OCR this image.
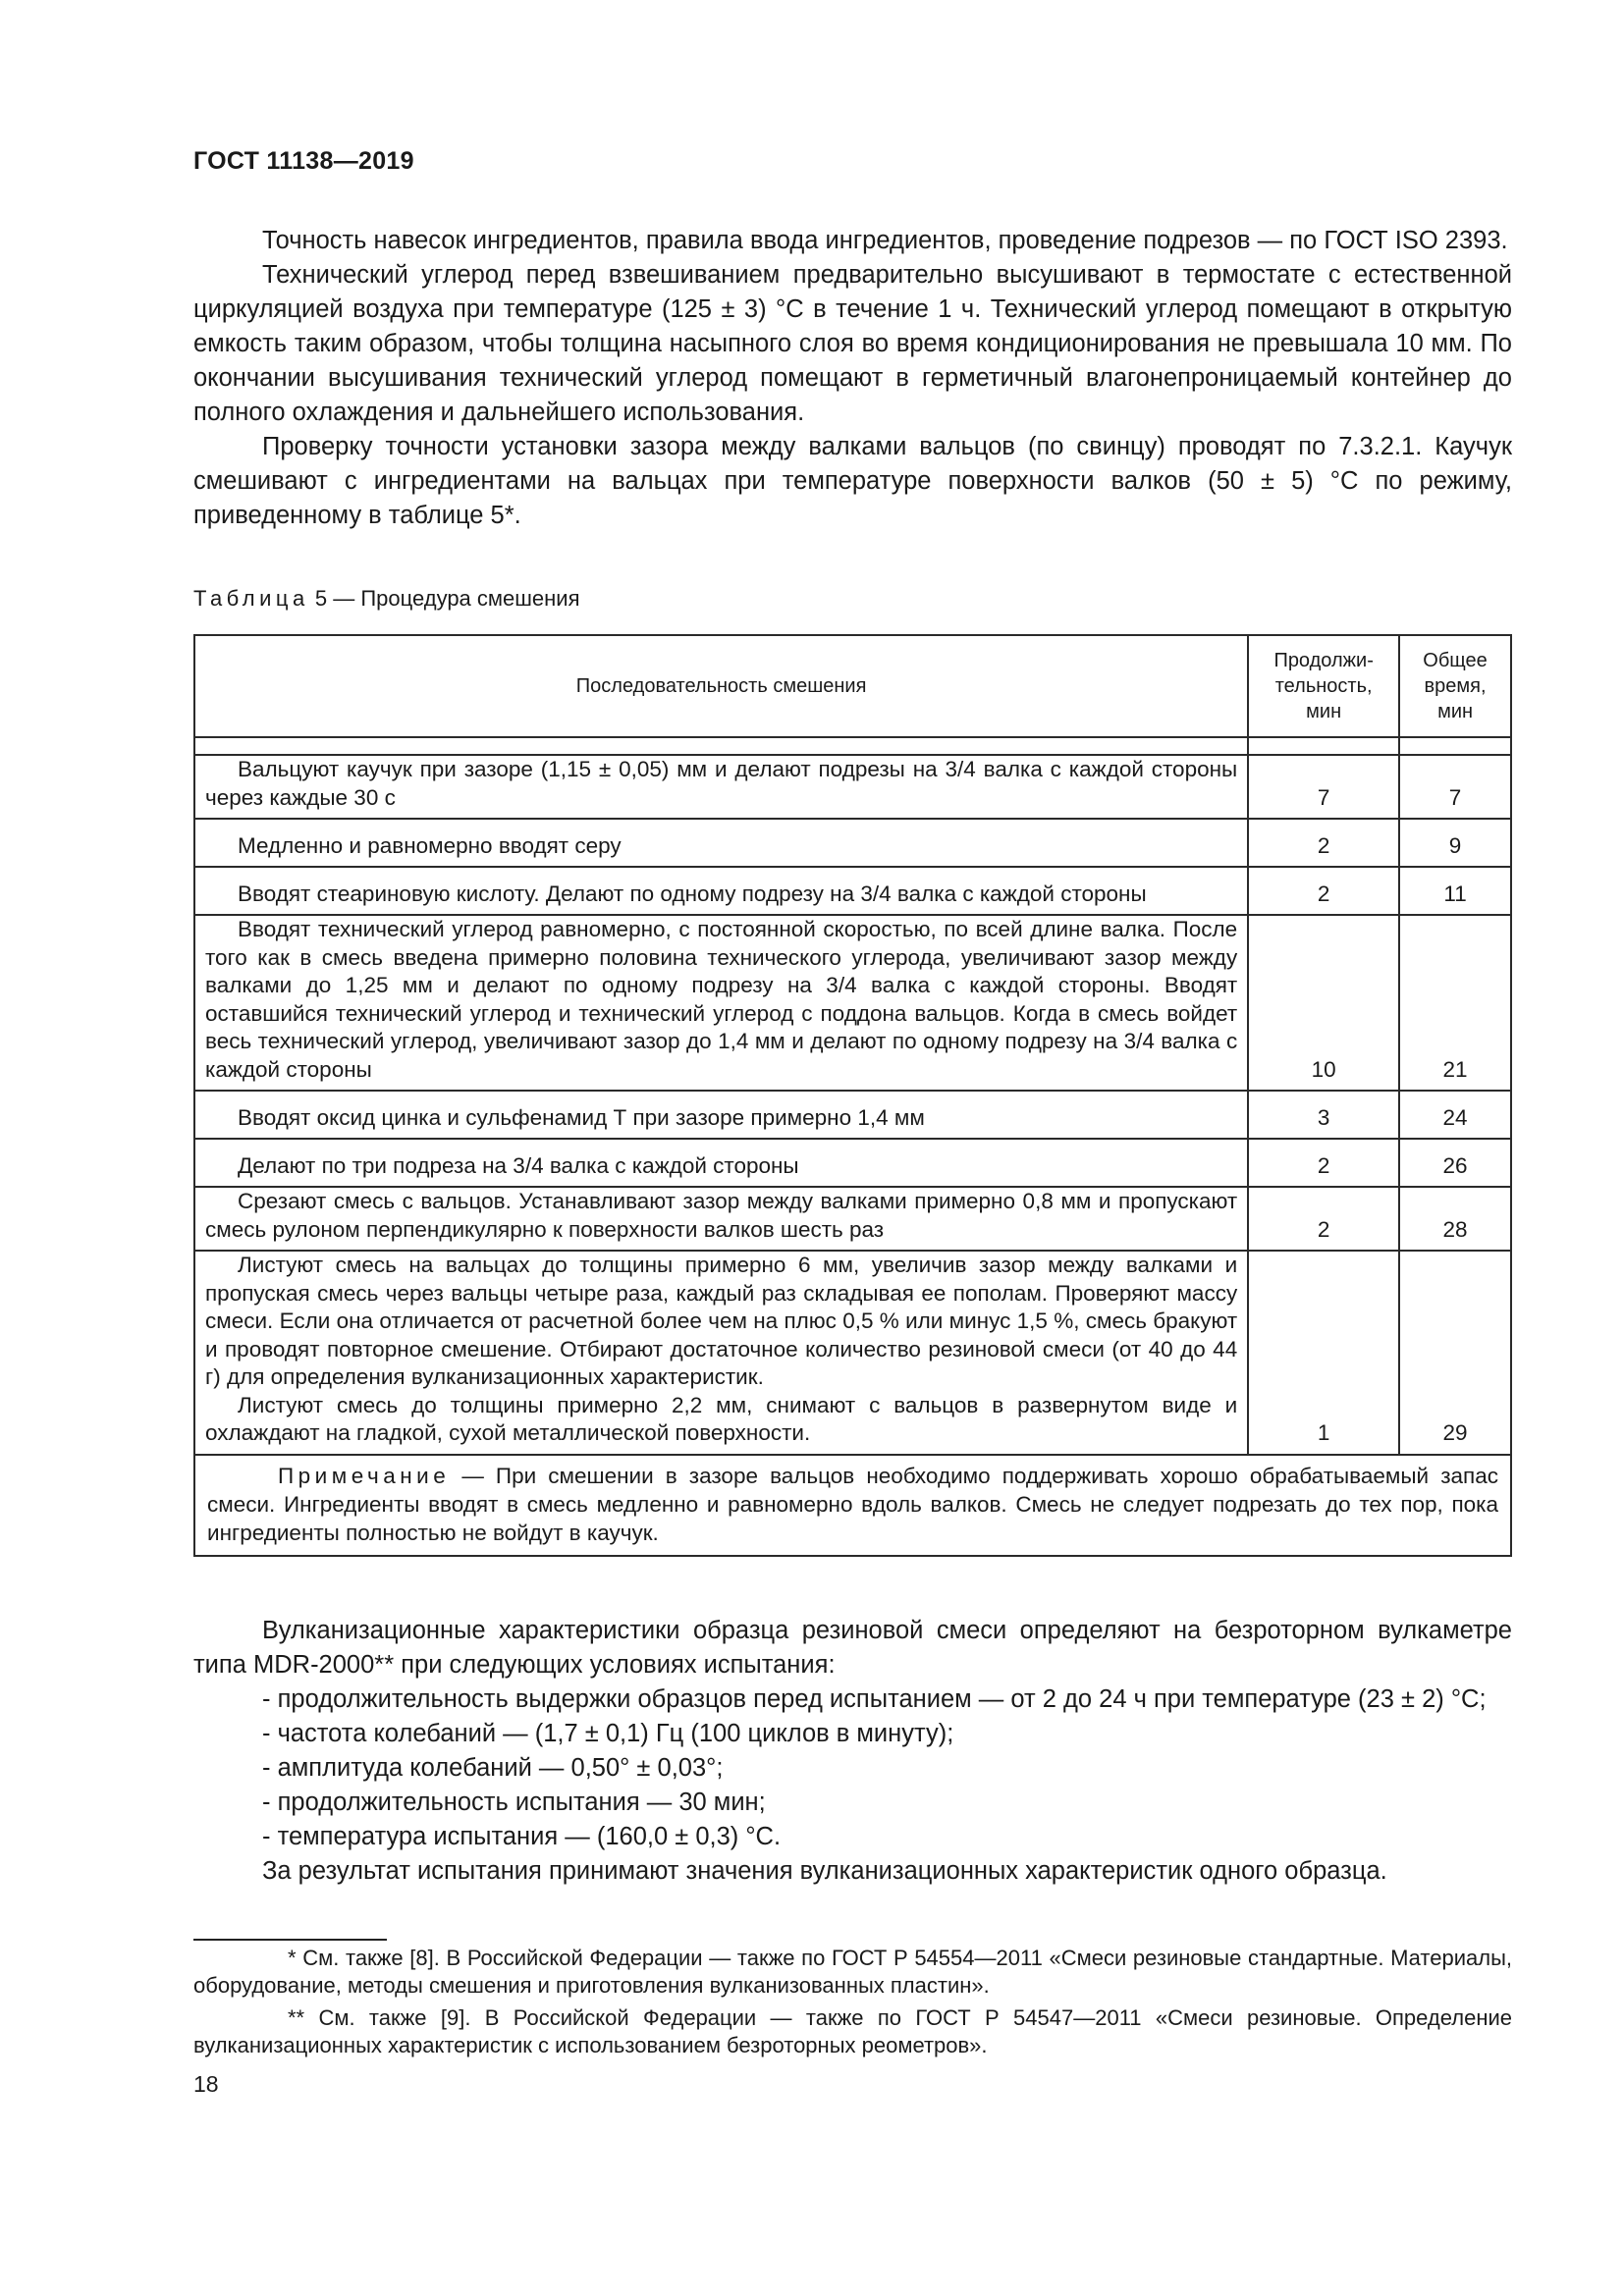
ГОСТ 11138—2019

Точность навесок ингредиентов, правила ввода ингредиентов, проведение подрезов — по ГОСТ ISO 2393.

Технический углерод перед взвешиванием предварительно высушивают в термостате с естественной циркуляцией воздуха при температуре (125 ± 3) °С в течение 1 ч. Технический углерод помещают в открытую емкость таким образом, чтобы толщина насыпного слоя во время кондиционирования не превышала 10 мм. По окончании высушивания технический углерод помещают в герметичный влагонепроницаемый контейнер до полного охлаждения и дальнейшего использования.

Проверку точности установки зазора между валками вальцов (по свинцу) проводят по 7.3.2.1. Каучук смешивают с ингредиентами на вальцах при температуре поверхности валков (50 ± 5) °С по режиму, приведенному в таблице 5*.

Таблица 5 — Процедура смешения
Последовательность смешения	Продолжи-
тельность,
мин	Общее
время,
мин

Вальцуют каучук при зазоре (1,15 ± 0,05) мм и делают подрезы на 3/4 валка с каждой стороны через каждые 30 с	7	7

Медленно и равномерно вводят серу	2	9

Вводят стеариновую кислоту. Делают по одному подрезу на 3/4 валка с каждой стороны	2	11

Вводят технический углерод равномерно, с постоянной скоростью, по всей длине валка. После того как в смесь введена примерно половина технического углерода, увеличивают зазор между валками до 1,25 мм и делают по одному подрезу на 3/4 валка с каждой стороны. Вводят оставшийся технический углерод и технический углерод с поддона вальцов. Когда в смесь войдет весь технический углерод, увеличивают зазор до 1,4 мм и делают по одному подрезу на 3/4 валка с каждой стороны	10	21

Вводят оксид цинка и сульфенамид Т при зазоре примерно 1,4 мм	3	24

Делают по три подреза на 3/4 валка с каждой стороны	2	26

Срезают смесь с вальцов. Устанавливают зазор между валками примерно 0,8 мм и пропускают смесь рулоном перпендикулярно к поверхности валков шесть раз	2	28

Листуют смесь на вальцах до толщины примерно 6 мм, увеличив зазор между валками и пропуская смесь через вальцы четыре раза, каждый раз складывая ее пополам. Проверяют массу смеси. Если она отличается от расчетной более чем на плюс 0,5 % или минус 1,5 %, смесь бракуют и проводят повторное смешение. Отбирают достаточное количество резиновой смеси (от 40 до 44 г) для определения вулканизационных характеристик.

Листуют смесь до толщины примерно 2,2 мм, снимают с вальцов в развернутом виде и охлаждают на гладкой, сухой металлической поверхности.	1	29

Примечание — При смешении в зазоре вальцов необходимо поддерживать хорошо обрабатываемый запас смеси. Ингредиенты вводят в смесь медленно и равномерно вдоль валков. Смесь не следует подрезать до тех пор, пока ингредиенты полностью не войдут в каучук.		

Вулканизационные характеристики образца резиновой смеси определяют на безроторном вулкаметре типа MDR-2000** при следующих условиях испытания:

- продолжительность выдержки образцов перед испытанием — от 2 до 24 ч при температуре (23 ± 2) °С;

- частота колебаний — (1,7 ± 0,1) Гц (100 циклов в минуту);

- амплитуда колебаний — 0,50° ± 0,03°;

- продолжительность испытания — 30 мин;

- температура испытания — (160,0 ± 0,3) °С.

За результат испытания принимают значения вулканизационных характеристик одного образца.

* См. также [8]. В Российской Федерации — также по ГОСТ Р 54554—2011 «Смеси резиновые стандартные. Материалы, оборудование, методы смешения и приготовления вулканизованных пластин».

** См. также [9]. В Российской Федерации — также по ГОСТ Р 54547—2011 «Смеси резиновые. Определение вулканизационных характеристик с использованием безроторных реометров».

18
